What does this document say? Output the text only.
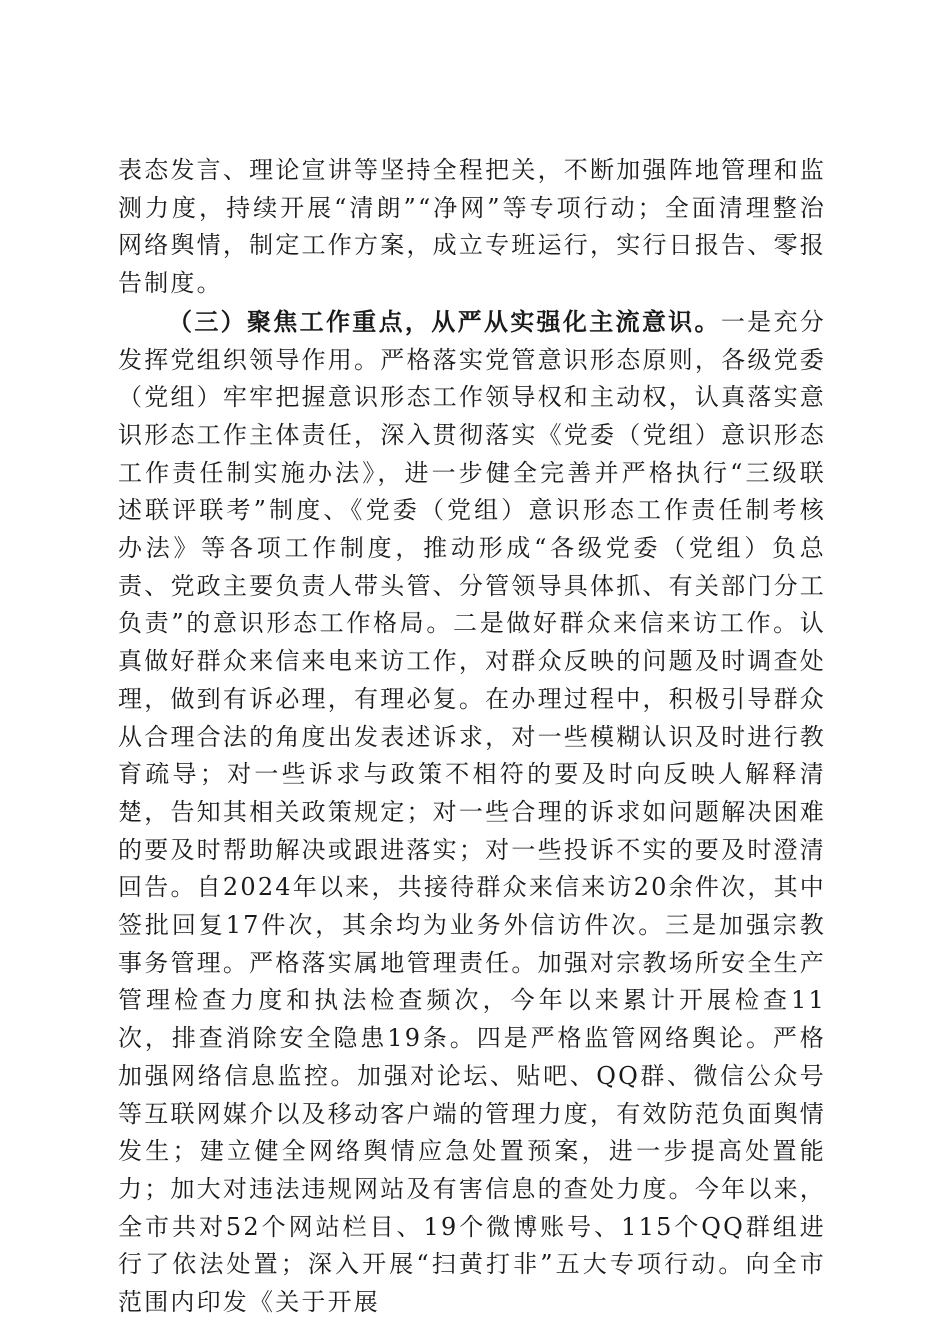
表态发言、理论宣讲等坚持全程把关，不断加强阵地管理和监测力度，持续开展“清朗”“净网”等专项行动；全面清理整治网络舆情，制定工作方案，成立专班运行，实行日报告、零报告制度。

（三）聚焦工作重点，从严从实强化主流意识。一是充分发挥党组织领导作用。严格落实党管意识形态原则，各级党委（党组）牢牢把握意识形态工作领导权和主动权，认真落实意识形态工作主体责任，深入贯彻落实《党委（党组）意识形态工作责任制实施办法》，进一步健全完善并严格执行“三级联述联评联考”制度、《党委（党组）意识形态工作责任制考核办法》等各项工作制度，推动形成“各级党委（党组）负总责、党政主要负责人带头管、分管领导具体抓、有关部门分工负责”的意识形态工作格局。二是做好群众来信来访工作。认真做好群众来信来电来访工作，对群众反映的问题及时调查处理，做到有诉必理，有理必复。在办理过程中，积极引导群众从合理合法的角度出发表述诉求，对一些模糊认识及时进行教育疏导；对一些诉求与政策不相符的要及时向反映人解释清楚，告知其相关政策规定；对一些合理的诉求如问题解决困难的要及时帮助解决或跟进落实；对一些投诉不实的要及时澄清回告。自2024年以来，共接待群众来信来访20余件次，其中签批回复17件次，其余均为业务外信访件次。三是加强宗教事务管理。严格落实属地管理责任。加强对宗教场所安全生产管理检查力度和执法检查频次，今年以来累计开展检查11次，排查消除安全隐患19条。四是严格监管网络舆论。严格加强网络信息监控。加强对论坛、贴吧、QQ群、微信公众号等互联网媒介以及移动客户端的管理力度，有效防范负面舆情发生；建立健全网络舆情应急处置预案，进一步提高处置能力；加大对违法违规网站及有害信息的查处力度。今年以来，全市共对52个网站栏目、19个微博账号、115个QQ群组进行了依法处置；深入开展“扫黄打非”五大专项行动。向全市范围内印发《关于开展
